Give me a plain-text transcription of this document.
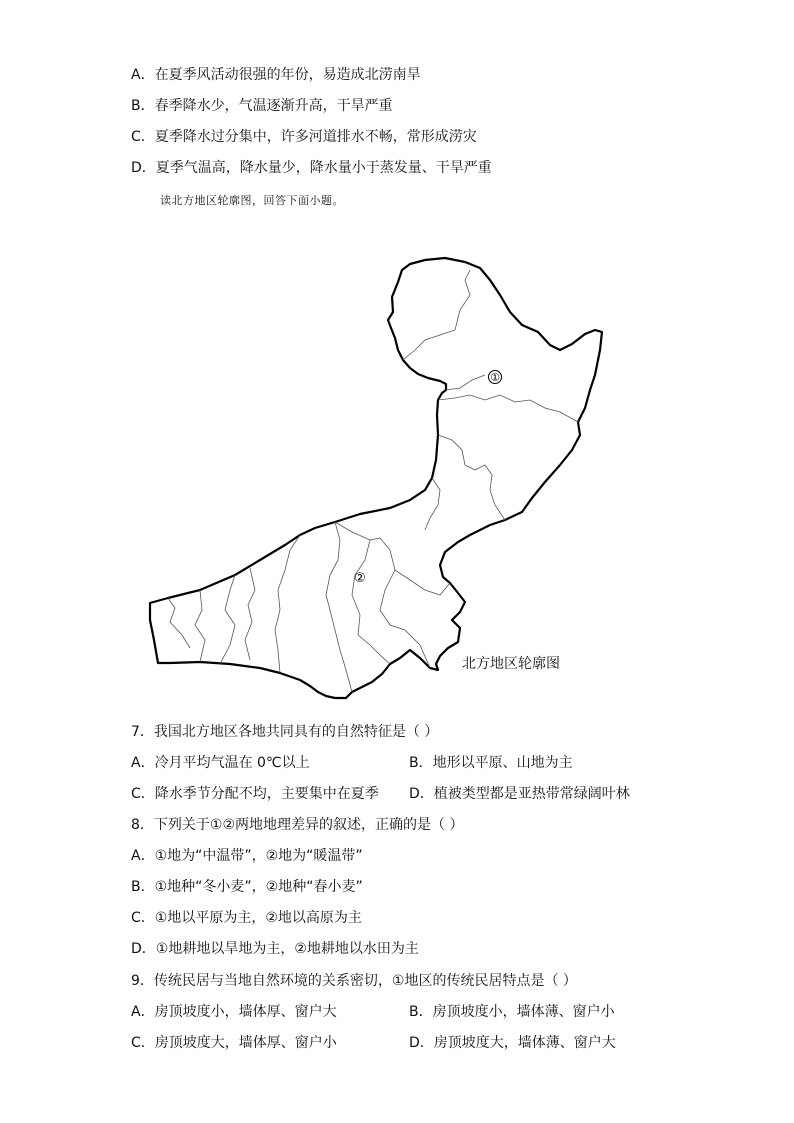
A．在夏季风活动很强的年份，易造成北涝南旱
B．春季降水少，气温逐渐升高，干旱严重
C．夏季降水过分集中，许多河道排水不畅，常形成涝灾
D．夏季气温高，降水量少，降水量小于蒸发量、干旱严重
读北方地区轮廓图，回答下面小题。
①
②
北方地区轮廓图
7．我国北方地区各地共同具有的自然特征是（ ）
A．冷月平均气温在 0℃以上	B．地形以平原、山地为主
C．降水季节分配不均，主要集中在夏季 D．植被类型都是亚热带常绿阔叶林
8．下列关于①②两地地理差异的叙述，正确的是（ ）
A．①地为“中温带”，②地为“暖温带”
B．①地种“冬小麦”，②地种“春小麦”
C．①地以平原为主，②地以高原为主
D．①地耕地以旱地为主，②地耕地以水田为主
9．传统民居与当地自然环境的关系密切，①地区的传统民居特点是（ ）
A．房顶坡度小，墙体厚、窗户大	B．房顶坡度小，墙体薄、窗户小
C．房顶坡度大，墙体厚、窗户小	D．房顶坡度大，墙体薄、窗户大
